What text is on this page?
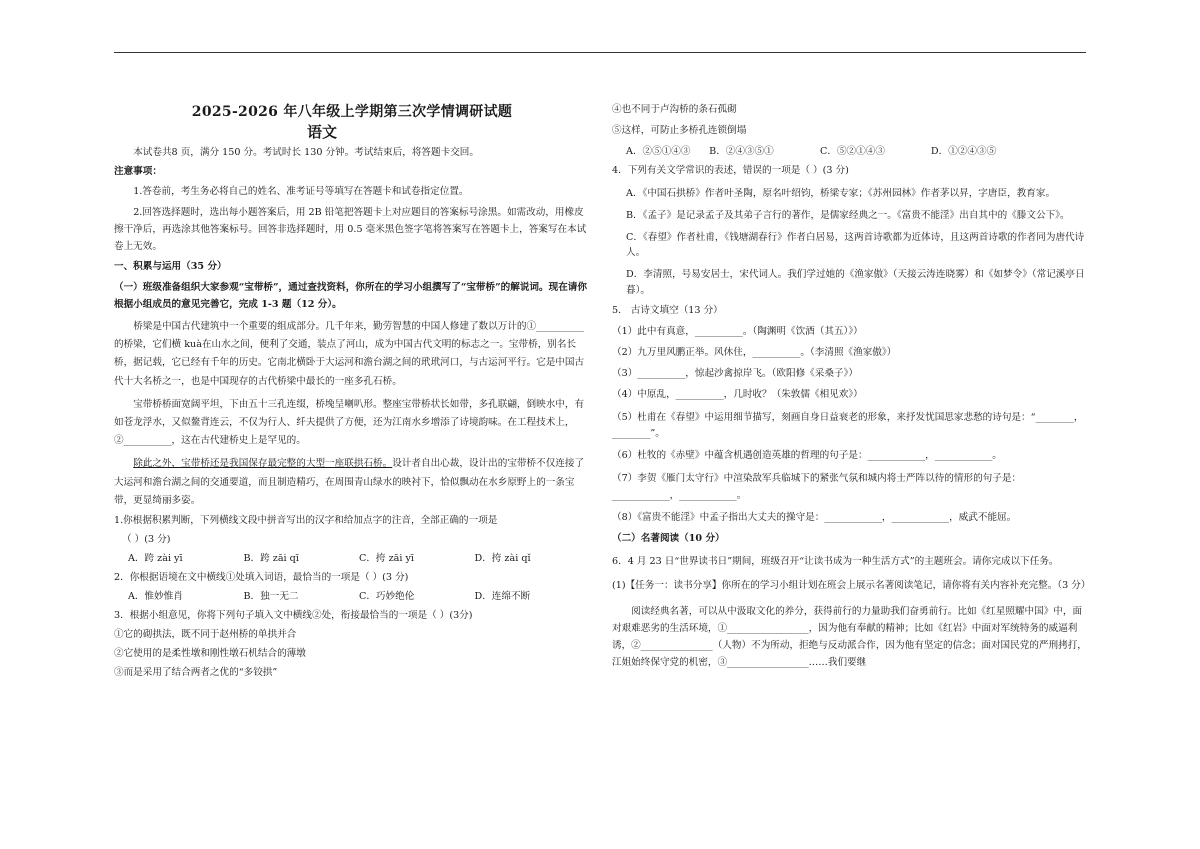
2025-2026 年八年级上学期第三次学情调研试题

语文

本试卷共8 页，满分 150 分。考试时长 130 分钟。考试结束后，将答题卡交回。

注意事项：

1.答卷前，考生务必将自己的姓名、准考证号等填写在答题卡和试卷指定位置。

2.回答选择题时，选出每小题答案后，用 2B 铅笔把答题卡上对应题目的答案标号涂黑。如需改动，用橡皮擦干净后，再选涂其他答案标号。回答非选择题时，用 0.5 毫米黑色签字笔将答案写在答题卡上，答案写在本试卷上无效。

一、积累与运用（35 分）

（一）班级准备组织大家参观“宝带桥”，通过查找资料，你所在的学习小组撰写了“宝带桥”的解说词。现在请你根据小组成员的意见完善它，完成 1-3 题（12 分）。

桥梁是中国古代建筑中一个重要的组成部分。几千年来，勤劳智慧的中国人修建了数以万计的①__________的桥梁，它们横 kuà在山水之间，便利了交通，装点了河山，成为中国古代文明的标志之一。宝带桥，别名长桥，据记载，它已经有千年的历史。它南北横卧于大运河和澹台湖之间的玳玳河口，与古运河平行。它是中国古代十大名桥之一，也是中国现存的古代桥梁中最长的一座多孔石桥。

宝带桥桥面宽阔平坦，下由五十三孔连缀，桥堍呈喇叭形。整座宝带桥状长如带，多孔联翩，倒映水中，有如苍龙浮水，又似鳌背连云，不仅为行人、纤夫提供了方便，还为江南水乡增添了诗境韵味。在工程技术上，②__________，这在古代建桥史上是罕见的。

除此之外，宝带桥还是我国保存最完整的大型一座联拱石桥。设计者自出心裁，设计出的宝带桥不仅连接了大运河和澹台湖之间的交通要道，而且制造精巧，在周围青山绿水的映衬下，恰似飘动在水乡原野上的一条宝带，更显绮丽多姿。

1.你根据积累判断，下列横线文段中拼音写出的汉字和给加点字的注音，全部正确的一项是

（ ）(3 分)

A．跨 zài yī	B．跨 zāi qī	C．挎 zāi yī	D．挎 zài qǐ

2．你根据语境在文中横线①处填入词语，最恰当的一项是（ ）(3 分)

A．惟妙惟肖	B．独一无二	C．巧妙绝伦	D．连绵不断

3．根据小组意见，你将下列句子填入文中横线②处，衔接最恰当的一项是（ ）(3分)

①它的砌拱法，既不同于赵州桥的单拱并合

②它使用的是柔性墩和刚性墩石机结合的薄墩

③而是采用了结合两者之优的“多铰拱”

④也不同于卢沟桥的条石孤砌

⑤这样，可防止多桥孔连锁倒塌

A．②⑤①④③	B．②④③⑤①	C．⑤②①④③	D．①②④③⑤

4．下列有关文学常识的表述，错误的一项是（ ）(3 分)

A．《中国石拱桥》作者叶圣陶，原名叶绍钧，桥梁专家；《苏州园林》作者茅以昇，字唐臣，教育家。

B．《孟子》是记录孟子及其弟子言行的著作，是儒家经典之一。《富贵不能淫》出自其中的《滕文公下》。

C．《春望》作者杜甫，《钱塘湖春行》作者白居易，这两首诗歌都为近体诗，且这两首诗歌的作者同为唐代诗人。

D．李清照，号易安居士，宋代词人。我们学过她的《渔家傲》（天接云涛连晓雾）和《如梦令》（常记溪亭日暮）。

5． 古诗文填空（13 分）

（1）此中有真意，__________。（陶渊明《饮酒（其五）》）

（2）九万里风鹏正举。风休住，__________。（李清照《渔家傲》）

（3）__________，惊起沙禽掠岸飞。（欧阳修《采桑子》）

（4）中原乱，__________，几时收？（朱敦儒《相见欢》）

（5）杜甫在《春望》中运用细节描写，刻画自身日益衰老的形象，来抒发忧国思家悲愁的诗句是：“________，________”。

（6）杜牧的《赤壁》中蕴含机遇创造英雄的哲理的句子是：____________，____________。

（7）李贺《雁门太守行》中渲染敌军兵临城下的紧张气氛和城内将士严阵以待的情形的句子是：____________，____________。

（8）《富贵不能淫》中孟子指出大丈夫的操守是：____________，____________，威武不能屈。

（二）名著阅读（10 分）

6．4 月 23 日“世界读书日”期间，班级召开“让读书成为一种生活方式”的主题班会。请你完成以下任务。

(1)【任务一：读书分享】你所在的学习小组计划在班会上展示名著阅读笔记，请你将有关内容补充完整。（3 分）

阅读经典名著，可以从中汲取文化的养分，获得前行的力量助我们奋勇前行。比如《红星照耀中国》中，面对艰难恶劣的生活环境，①_________________，因为他有奉献的精神；比如《红岩》中面对军统特务的威逼利诱，②_______________（人物）不为所动，拒绝与反动派合作，因为他有坚定的信念；面对国民党的严刑拷打，江姐始终保守党的机密，③_________________……我们要继
